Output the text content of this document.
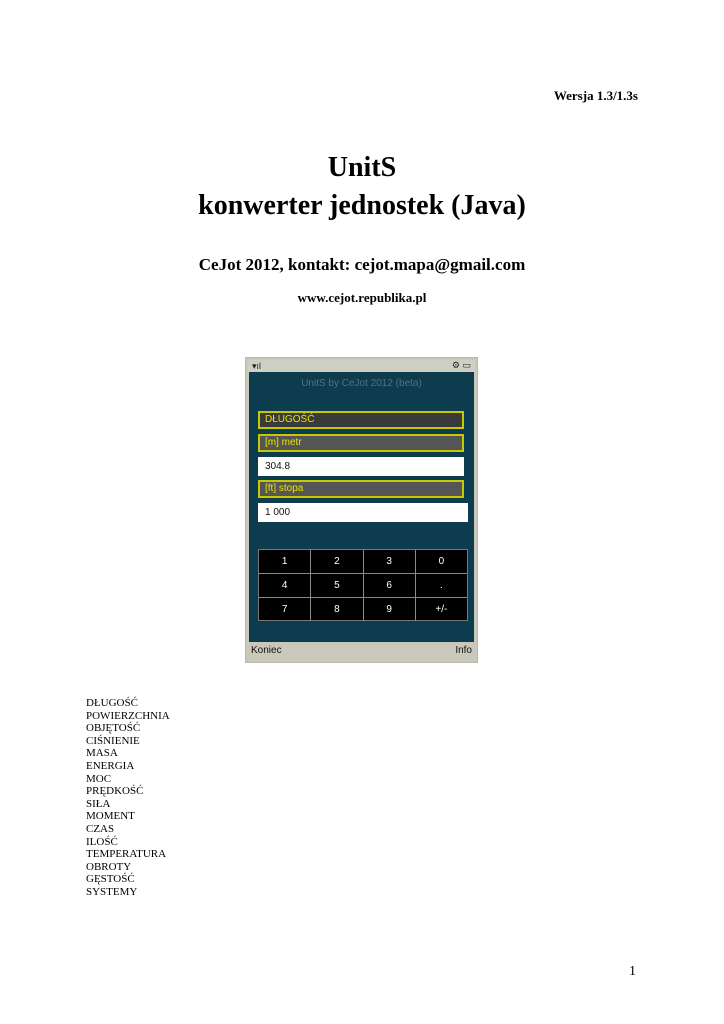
Wersja 1.3/1.3s
UnitS
konwerter jednostek (Java)
CeJot 2012, kontakt: cejot.mapa@gmail.com
www.cejot.republika.pl
▾ıl	⚙ ▭
UnitS by CeJot 2012 (beta)
DŁUGOŚĆ
[m] metr
304.8
[ft] stopa
1 000
1	2	3	0
4	5	6	.
7	8	9	+/-
Koniec	Info
DŁUGOŚĆ
POWIERZCHNIA
OBJĘTOŚĆ
CIŚNIENIE
MASA
ENERGIA
MOC
PRĘDKOŚĆ
SIŁA
MOMENT
CZAS
ILOŚĆ
TEMPERATURA
OBROTY
GĘSTOŚĆ
SYSTEMY
1
